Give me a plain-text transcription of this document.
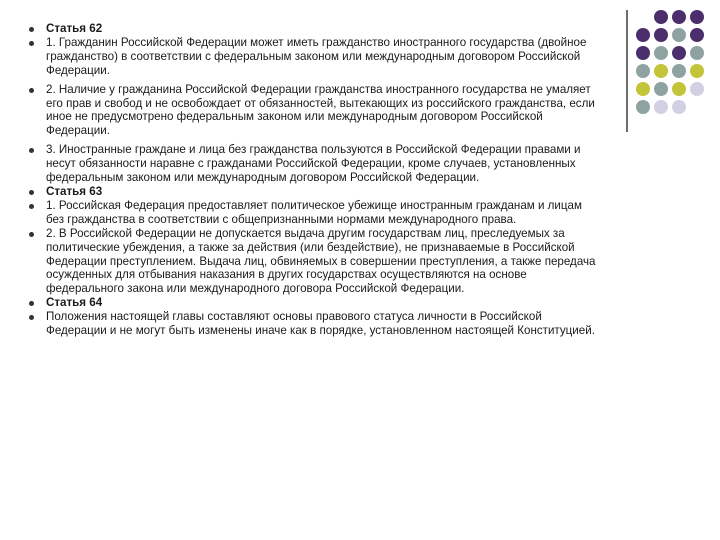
Статья 62
1. Гражданин Российской Федерации может иметь гражданство иностранного государства (двойное гражданство) в соответствии с федеральным законом или международным договором Российской Федерации.
2. Наличие у гражданина Российской Федерации гражданства иностранного государства не умаляет его прав и свобод и не освобождает от обязанностей, вытекающих из российского гражданства, если иное не предусмотрено федеральным законом или международным договором Российской Федерации.
3. Иностранные граждане и лица без гражданства пользуются в Российской Федерации правами и несут обязанности наравне с гражданами Российской Федерации, кроме случаев, установленных федеральным законом или международным договором Российской Федерации.
Статья 63
1. Российская Федерация предоставляет политическое убежище иностранным гражданам и лицам без гражданства в соответствии с общепризнанными нормами международного права.
2. В Российской Федерации не допускается выдача другим государствам лиц, преследуемых за политические убеждения, а также за действия (или бездействие), не признаваемые в Российской Федерации преступлением. Выдача лиц, обвиняемых в совершении преступления, а также передача осужденных для отбывания наказания в других государствах осуществляются на основе федерального закона или международного договора Российской Федерации.
Статья 64
Положения настоящей главы составляют основы правового статуса личности в Российской Федерации и не могут быть изменены иначе как в порядке, установленном настоящей Конституцией.
